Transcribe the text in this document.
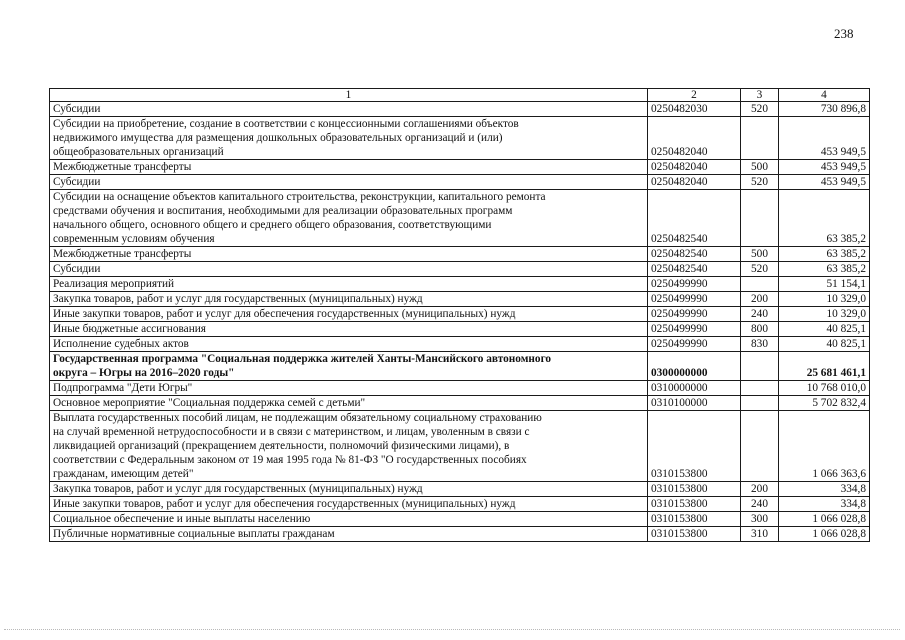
238
1	2	3	4

Субсидии	0250482030	520	730 896,8

Субсидии на приобретение, создание в соответствии с концессионными соглашениями объектов
недвижимого имущества для размещения дошкольных образовательных организаций и (или)
общеобразовательных организаций	0250482040		453 949,5

Межбюджетные трансферты	0250482040	500	453 949,5

Субсидии	0250482040	520	453 949,5

Субсидии на оснащение объектов капитального строительства, реконструкции, капитального ремонта
средствами обучения и воспитания, необходимыми для реализации образовательных программ
начального общего, основного общего и среднего общего образования, соответствующими
современным условиям обучения	0250482540		63 385,2

Межбюджетные трансферты	0250482540	500	63 385,2

Субсидии	0250482540	520	63 385,2

Реализация мероприятий	0250499990		51 154,1

Закупка товаров, работ и услуг для государственных (муниципальных) нужд	0250499990	200	10 329,0

Иные закупки товаров, работ и услуг для обеспечения государственных (муниципальных) нужд	0250499990	240	10 329,0

Иные бюджетные ассигнования	0250499990	800	40 825,1

Исполнение судебных актов	0250499990	830	40 825,1

Государственная программа "Социальная поддержка жителей Ханты-Мансийского автономного
округа – Югры на 2016–2020 годы"	0300000000		25 681 461,1

Подпрограмма "Дети Югры"	0310000000		10 768 010,0

Основное мероприятие "Социальная поддержка семей с детьми"	0310100000		5 702 832,4

Выплата государственных пособий лицам, не подлежащим обязательному социальному страхованию
на случай временной нетрудоспособности и в связи с материнством, и лицам, уволенным в связи с
ликвидацией организаций (прекращением деятельности, полномочий физическими лицами), в
соответствии с Федеральным законом от 19 мая 1995 года № 81-ФЗ "О государственных пособиях
гражданам, имеющим детей"	0310153800		1 066 363,6

Закупка товаров, работ и услуг для государственных (муниципальных) нужд	0310153800	200	334,8

Иные закупки товаров, работ и услуг для обеспечения государственных (муниципальных) нужд	0310153800	240	334,8

Социальное обеспечение и иные выплаты населению	0310153800	300	1 066 028,8

Публичные нормативные социальные выплаты гражданам	0310153800	310	1 066 028,8
